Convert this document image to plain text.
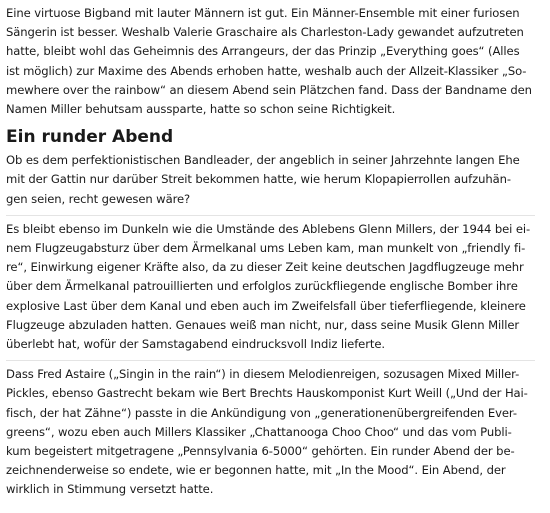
Eine virtuose Bigband mit lauter Männern ist gut. Ein Männer-Ensemble mit einer furiosen
Sängerin ist besser. Weshalb Valerie Graschaire als Charleston-Lady gewandet aufzutreten
hatte, bleibt wohl das Geheimnis des Arrangeurs, der das Prinzip „Everything goes“ (Alles
ist möglich) zur Maxime des Abends erhoben hatte, weshalb auch der Allzeit-Klassiker „So-
mewhere over the rainbow“ an diesem Abend sein Plätzchen fand. Dass der Bandname den
Namen Miller behutsam aussparte, hatte so schon seine Richtigkeit.

Ein runder Abend

Ob es dem perfektionistischen Bandleader, der angeblich in seiner Jahrzehnte langen Ehe
mit der Gattin nur darüber Streit bekommen hatte, wie herum Klopapierrollen aufzuhän-
gen seien, recht gewesen wäre?

Es bleibt ebenso im Dunkeln wie die Umstände des Ablebens Glenn Millers, der 1944 bei ei-
nem Flugzeugabsturz über dem Ärmelkanal ums Leben kam, man munkelt von „friendly fi-
re“, Einwirkung eigener Kräfte also, da zu dieser Zeit keine deutschen Jagdflugzeuge mehr
über dem Ärmelkanal patrouillierten und erfolglos zurückfliegende englische Bomber ihre
explosive Last über dem Kanal und eben auch im Zweifelsfall über tieferfliegende, kleinere
Flugzeuge abzuladen hatten. Genaues weiß man nicht, nur, dass seine Musik Glenn Miller
überlebt hat, wofür der Samstagabend eindrucksvoll Indiz lieferte.

Dass Fred Astaire („Singin in the rain“) in diesem Melodienreigen, sozusagen Mixed Miller-
Pickles, ebenso Gastrecht bekam wie Bert Brechts Hauskomponist Kurt Weill („Und der Hai-
fisch, der hat Zähne“) passte in die Ankündigung von „generationenübergreifenden Ever-
greens“, wozu eben auch Millers Klassiker „Chattanooga Choo Choo“ und das vom Publi-
kum begeistert mitgetragene „Pennsylvania 6-5000“ gehörten. Ein runder Abend der be-
zeichnenderweise so endete, wie er begonnen hatte, mit „In the Mood“. Ein Abend, der
wirklich in Stimmung versetzt hatte.
